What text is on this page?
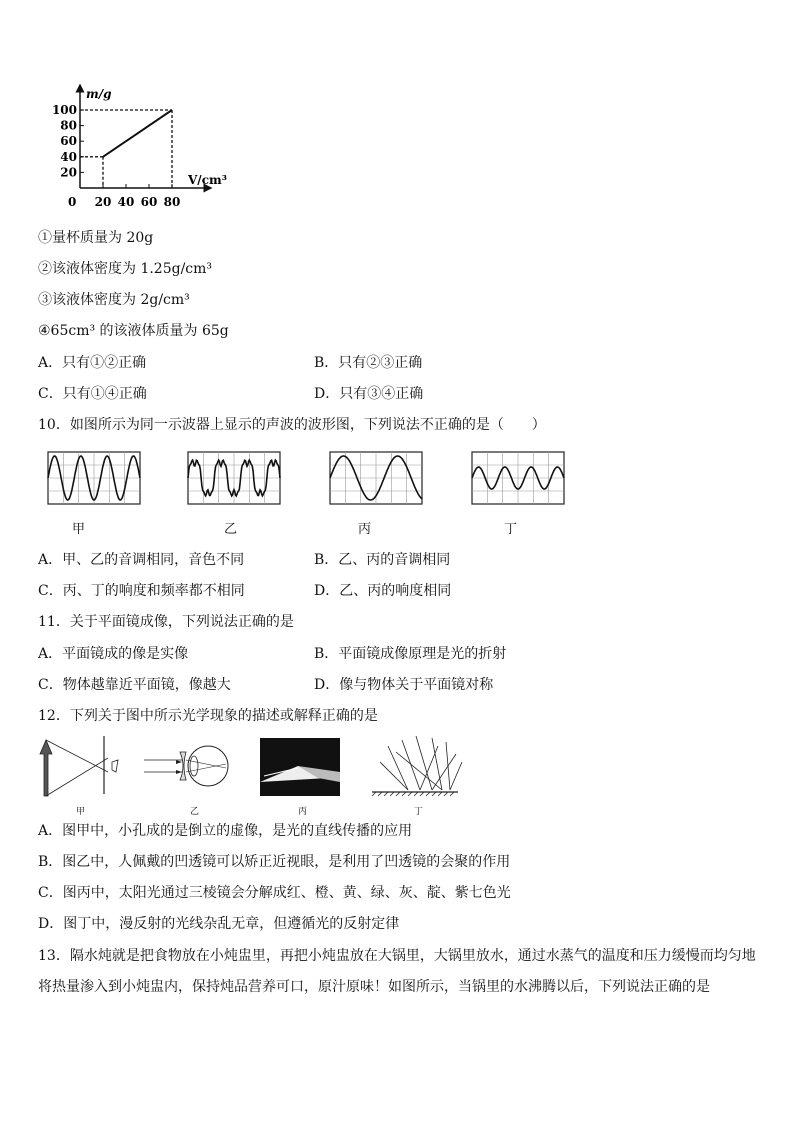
m/g
V/cm³
0
100
80
60
40
20
20 40 60 80
①量杯质量为 20g
②该液体密度为 1.25g/cm³
③该液体密度为 2g/cm³
④65cm³ 的该液体质量为 65g
A．只有①②正确	B．只有②③正确
C．只有①④正确	D．只有③④正确
10．如图所示为同一示波器上显示的声波的波形图，下列说法不正确的是（　　）
甲	乙	丙	丁
A．甲、乙的音调相同，音色不同	B．乙、丙的音调相同
C．丙、丁的响度和频率都不相同	D．乙、丙的响度相同
11．关于平面镜成像，下列说法正确的是
A．平面镜成的像是实像	B．平面镜成像原理是光的折射
C．物体越靠近平面镜，像越大	D．像与物体关于平面镜对称
12．下列关于图中所示光学现象的描述或解释正确的是
甲	乙	丙	丁
A．图甲中，小孔成的是倒立的虚像，是光的直线传播的应用
B．图乙中，人佩戴的凹透镜可以矫正近视眼，是利用了凹透镜的会聚的作用
C．图丙中，太阳光通过三棱镜会分解成红、橙、黄、绿、灰、靛、紫七色光
D．图丁中，漫反射的光线杂乱无章，但遵循光的反射定律
13．隔水炖就是把食物放在小炖盅里，再把小炖盅放在大锅里，大锅里放水，通过水蒸气的温度和压力缓慢而均匀地
将热量渗入到小炖盅内，保持炖品营养可口，原汁原味！如图所示，当锅里的水沸腾以后，下列说法正确的是
